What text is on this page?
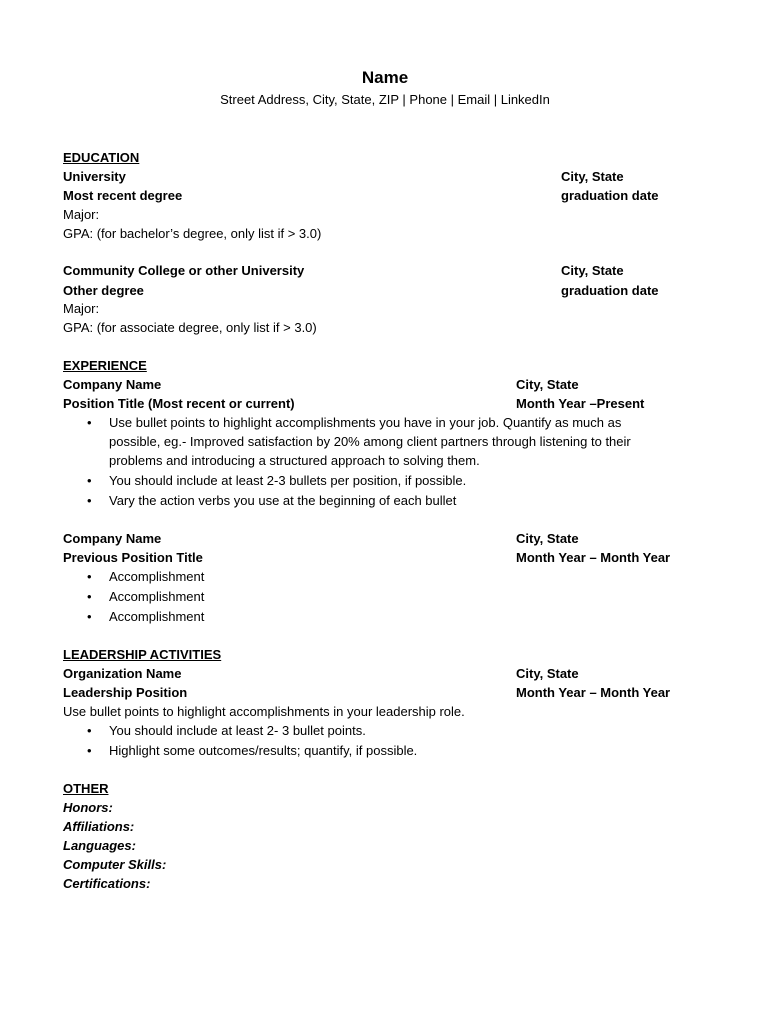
Name
Street Address, City, State, ZIP | Phone | Email | LinkedIn
EDUCATION
University	City, State
Most recent degree	graduation date
Major:
GPA: (for bachelor’s degree, only list if > 3.0)
Community College or other University	City, State
Other degree	graduation date
Major:
GPA: (for associate degree, only list if > 3.0)
EXPERIENCE
Company Name	City, State
Position Title (Most recent or current)	Month Year –Present
• Use bullet points to highlight accomplishments you have in your job. Quantify as much as
possible, eg.- Improved satisfaction by 20% among client partners through listening to their
problems and introducing a structured approach to solving them.
• You should include at least 2-3 bullets per position, if possible.
• Vary the action verbs you use at the beginning of each bullet
Company Name	City, State
Previous Position Title	Month Year – Month Year
• Accomplishment
• Accomplishment
• Accomplishment
LEADERSHIP ACTIVITIES
Organization Name	City, State
Leadership Position	Month Year – Month Year
Use bullet points to highlight accomplishments in your leadership role.
• You should include at least 2- 3 bullet points.
• Highlight some outcomes/results; quantify, if possible.
OTHER
Honors:
Affiliations:
Languages:
Computer Skills:
Certifications:
